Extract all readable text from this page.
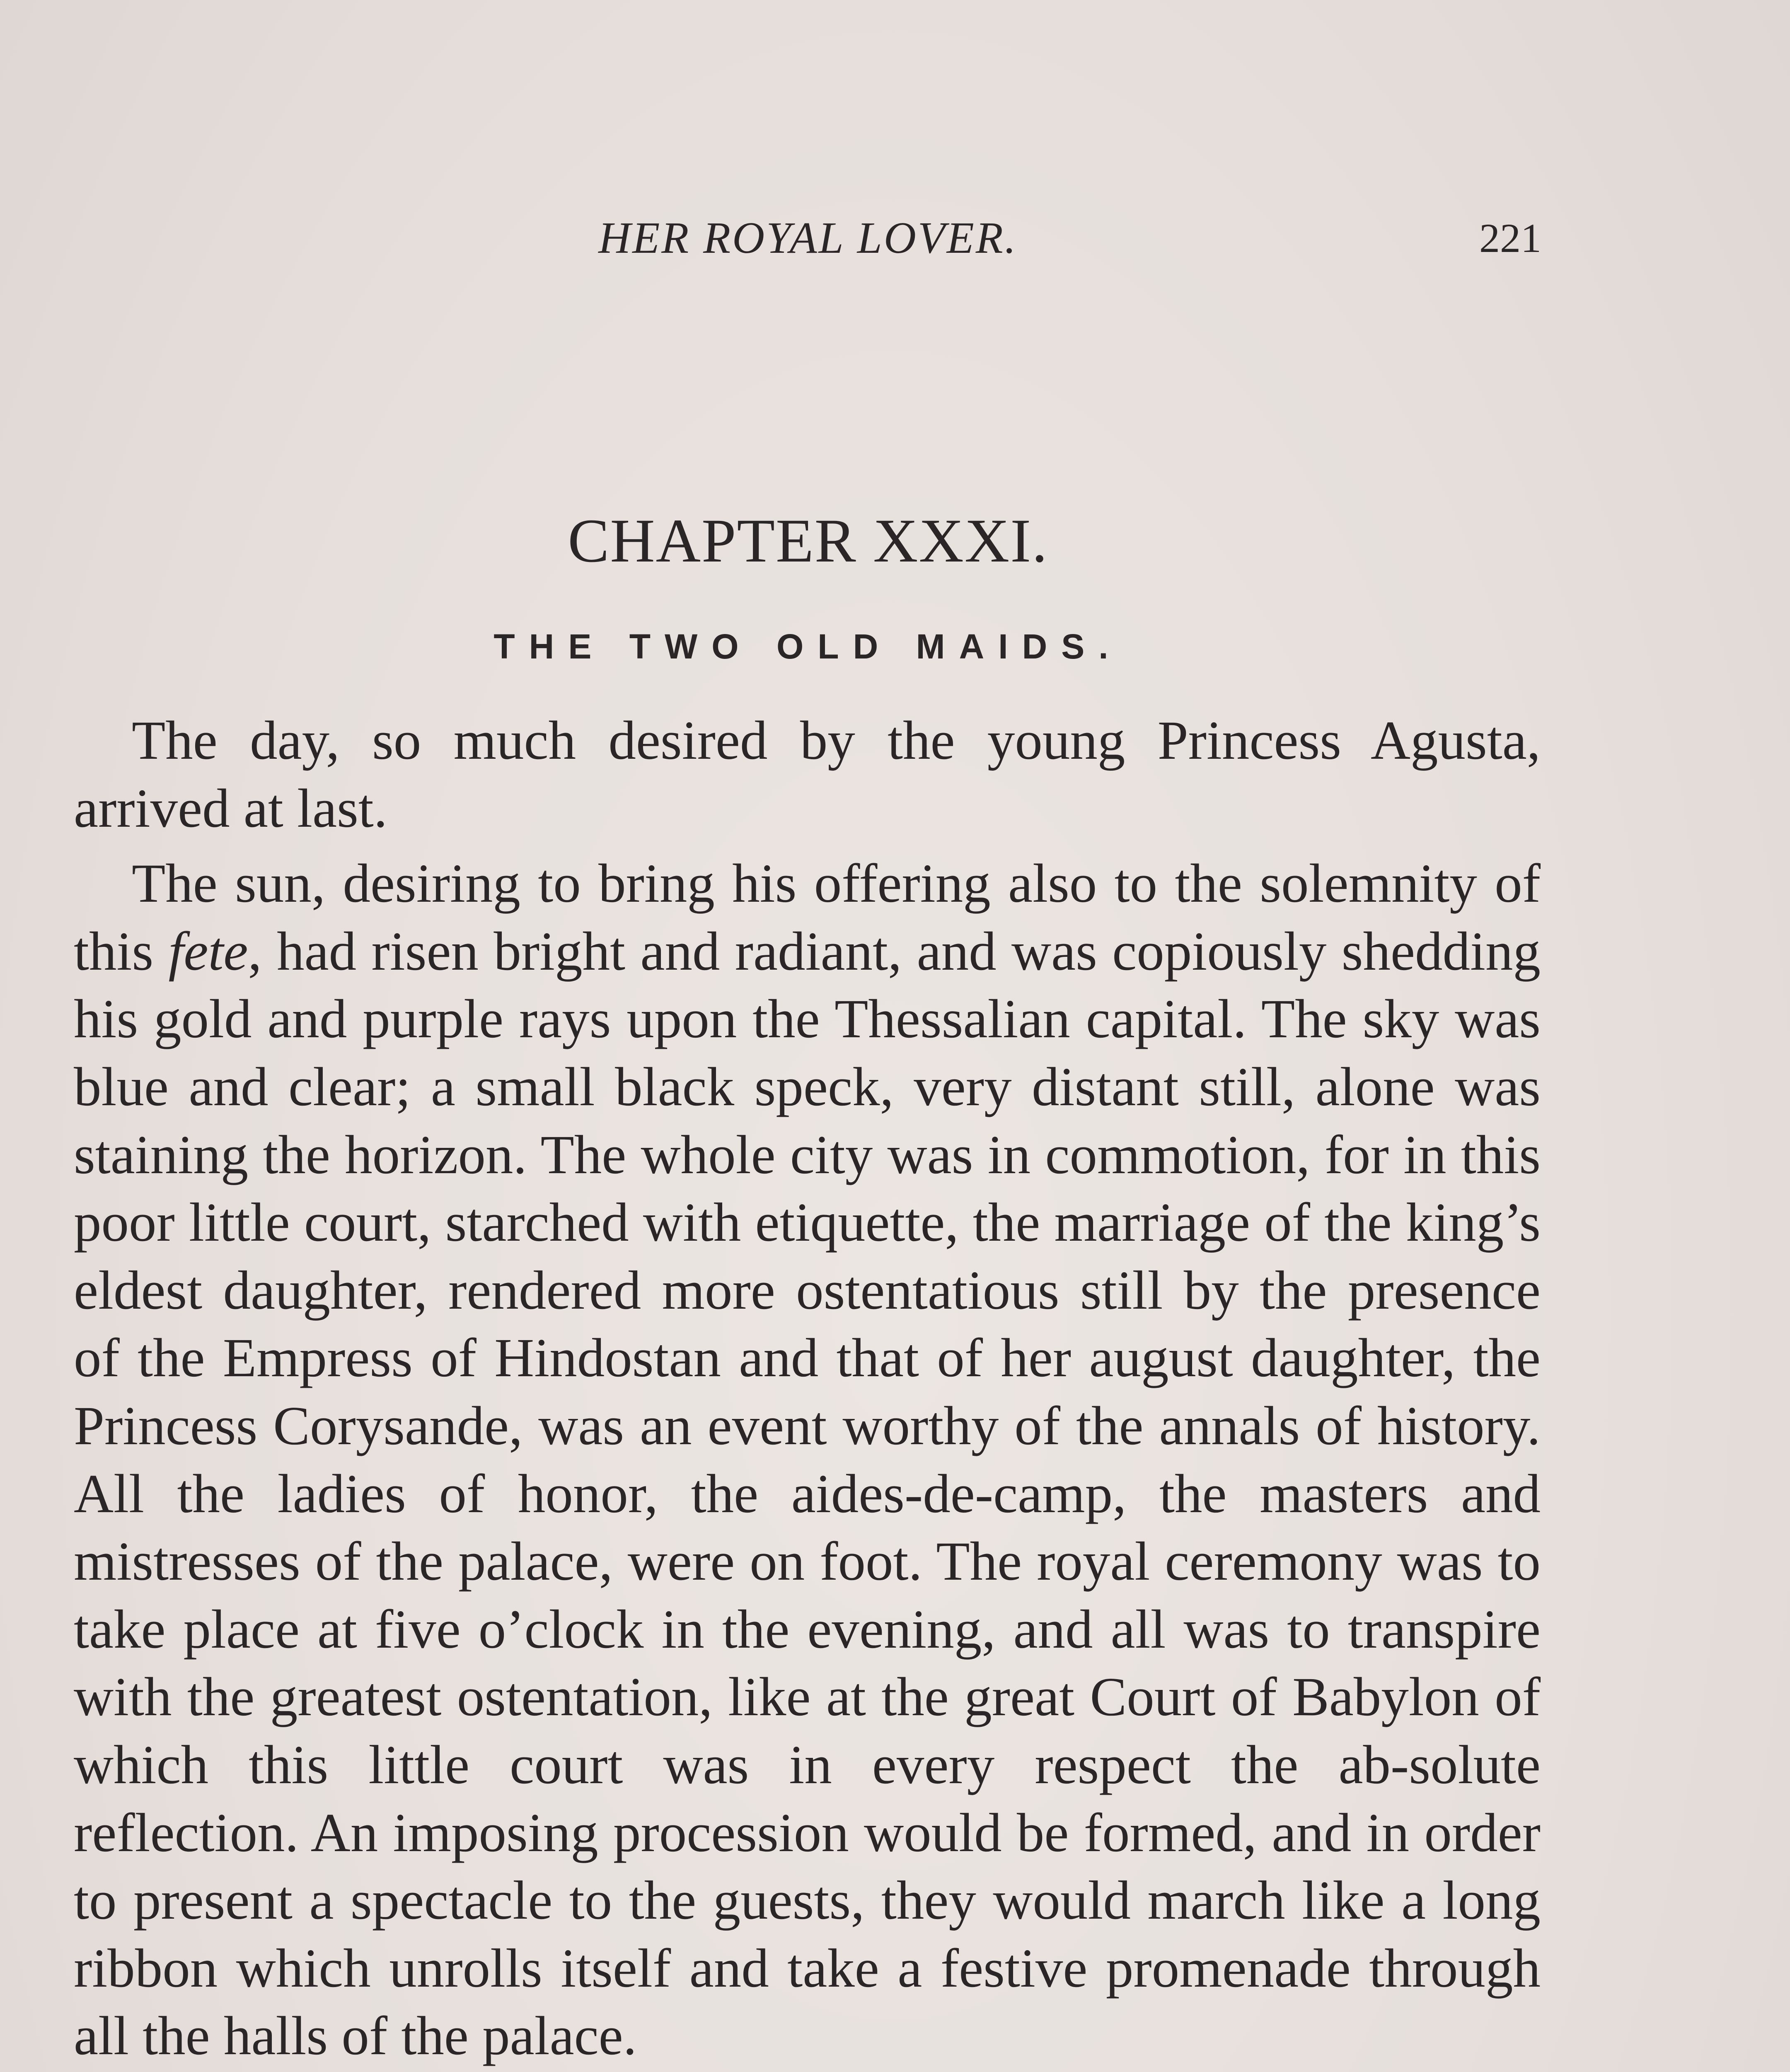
HER ROYAL LOVER.	221
CHAPTER XXXI.
THE TWO OLD MAIDS.

The day, so much desired by the young Princess Agusta, arrived at last.

The sun, desiring to bring his offering also to the solemnity of this fete, had risen bright and radiant, and was copiously shedding his gold and purple rays upon the Thessalian capital. The sky was blue and clear; a small black speck, very distant still, alone was staining the horizon. The whole city was in commotion, for in this poor little court, starched with etiquette, the marriage of the king’s eldest daughter, rendered more ostentatious still by the presence of the Empress of Hindostan and that of her august daughter, the Princess Corysande, was an event worthy of the annals of history. All the ladies of honor, the aides-de-camp, the masters and mistresses of the palace, were on foot. The royal ceremony was to take place at five o’clock in the evening, and all was to transpire with the greatest ostentation, like at the great Court of Babylon of which this little court was in every respect the ab-solute reflection. An imposing procession would be formed, and in order to present a spectacle to the guests, they would march like a long ribbon which unrolls itself and take a festive promenade through all the halls of the palace.
